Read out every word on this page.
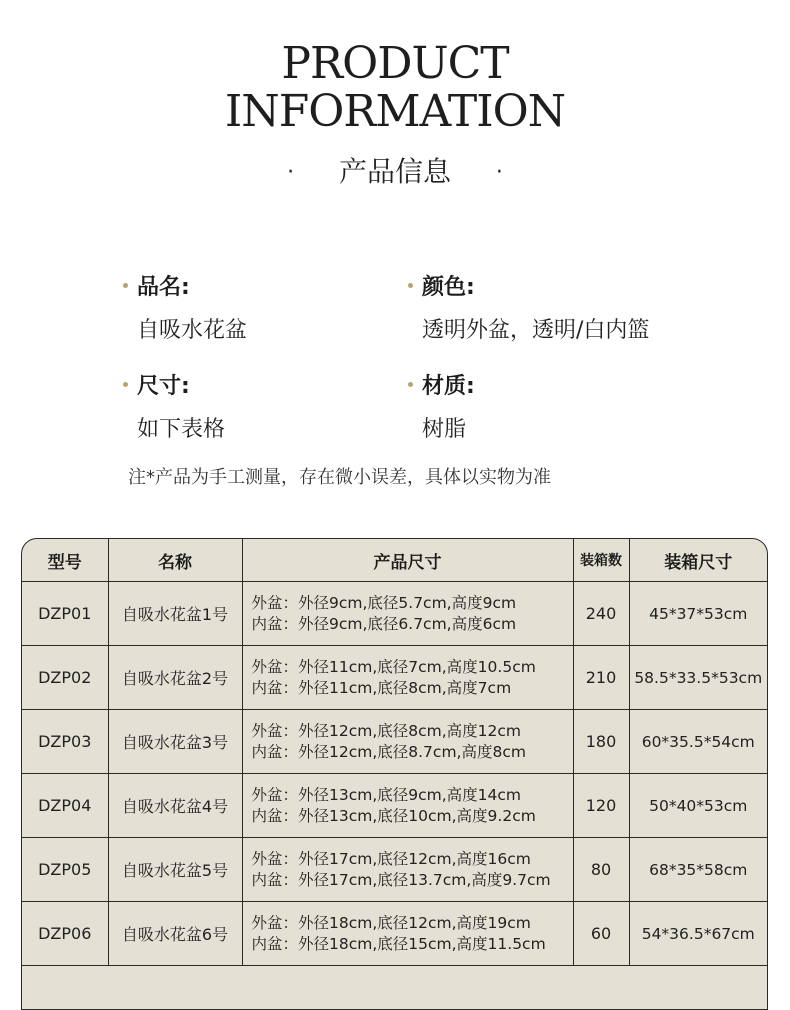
PRODUCT
INFORMATION
· 产品信息 ·
品名:
自吸水花盆
颜色:
透明外盆，透明/白内篮
尺寸:
如下表格
材质:
树脂
注*产品为手工测量，存在微小误差，具体以实物为准
型号	名称	产品尺寸	装箱数	装箱尺寸
DZP01	自吸水花盆1号	外盆：外径9cm,底径5.7cm,高度9cm
内盆：外径9cm,底径6.7cm,高度6cm	240	45*37*53cm
DZP02	自吸水花盆2号	外盆：外径11cm,底径7cm,高度10.5cm
内盆：外径11cm,底径8cm,高度7cm	210	58.5*33.5*53cm
DZP03	自吸水花盆3号	外盆：外径12cm,底径8cm,高度12cm
内盆：外径12cm,底径8.7cm,高度8cm	180	60*35.5*54cm
DZP04	自吸水花盆4号	外盆：外径13cm,底径9cm,高度14cm
内盆：外径13cm,底径10cm,高度9.2cm	120	50*40*53cm
DZP05	自吸水花盆5号	外盆：外径17cm,底径12cm,高度16cm
内盆：外径17cm,底径13.7cm,高度9.7cm	80	68*35*58cm
DZP06	自吸水花盆6号	外盆：外径18cm,底径12cm,高度19cm
内盆：外径18cm,底径15cm,高度11.5cm	60	54*36.5*67cm
